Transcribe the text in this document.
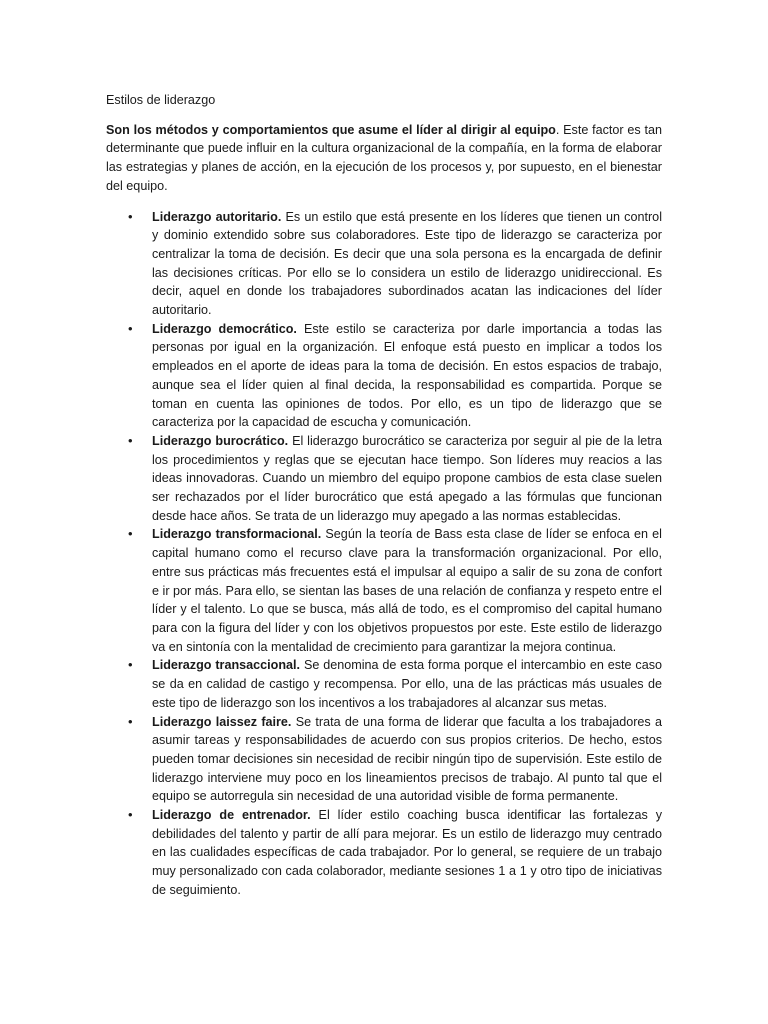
Estilos de liderazgo

Son los métodos y comportamientos que asume el líder al dirigir al equipo. Este factor es tan determinante que puede influir en la cultura organizacional de la compañía, en la forma de elaborar las estrategias y planes de acción, en la ejecución de los procesos y, por supuesto, en el bienestar del equipo.

• Liderazgo autoritario. Es un estilo que está presente en los líderes que tienen un control y dominio extendido sobre sus colaboradores. Este tipo de liderazgo se caracteriza por centralizar la toma de decisión. Es decir que una sola persona es la encargada de definir las decisiones críticas. Por ello se lo considera un estilo de liderazgo unidireccional. Es decir, aquel en donde los trabajadores subordinados acatan las indicaciones del líder autoritario.
• Liderazgo democrático. Este estilo se caracteriza por darle importancia a todas las personas por igual en la organización. El enfoque está puesto en implicar a todos los empleados en el aporte de ideas para la toma de decisión. En estos espacios de trabajo, aunque sea el líder quien al final decida, la responsabilidad es compartida. Porque se toman en cuenta las opiniones de todos. Por ello, es un tipo de liderazgo que se caracteriza por la capacidad de escucha y comunicación.
• Liderazgo burocrático. El liderazgo burocrático se caracteriza por seguir al pie de la letra los procedimientos y reglas que se ejecutan hace tiempo. Son líderes muy reacios a las ideas innovadoras. Cuando un miembro del equipo propone cambios de esta clase suelen ser rechazados por el líder burocrático que está apegado a las fórmulas que funcionan desde hace años. Se trata de un liderazgo muy apegado a las normas establecidas.
• Liderazgo transformacional. Según la teoría de Bass esta clase de líder se enfoca en el capital humano como el recurso clave para la transformación organizacional. Por ello, entre sus prácticas más frecuentes está el impulsar al equipo a salir de su zona de confort e ir por más. Para ello, se sientan las bases de una relación de confianza y respeto entre el líder y el talento. Lo que se busca, más allá de todo, es el compromiso del capital humano para con la figura del líder y con los objetivos propuestos por este. Este estilo de liderazgo va en sintonía con la mentalidad de crecimiento para garantizar la mejora continua.
• Liderazgo transaccional. Se denomina de esta forma porque el intercambio en este caso se da en calidad de castigo y recompensa. Por ello, una de las prácticas más usuales de este tipo de liderazgo son los incentivos a los trabajadores al alcanzar sus metas.
• Liderazgo laissez faire. Se trata de una forma de liderar que faculta a los trabajadores a asumir tareas y responsabilidades de acuerdo con sus propios criterios. De hecho, estos pueden tomar decisiones sin necesidad de recibir ningún tipo de supervisión. Este estilo de liderazgo interviene muy poco en los lineamientos precisos de trabajo. Al punto tal que el equipo se autorregula sin necesidad de una autoridad visible de forma permanente.
• Liderazgo de entrenador. El líder estilo coaching busca identificar las fortalezas y debilidades del talento y partir de allí para mejorar. Es un estilo de liderazgo muy centrado en las cualidades específicas de cada trabajador. Por lo general, se requiere de un trabajo muy personalizado con cada colaborador, mediante sesiones 1 a 1 y otro tipo de iniciativas de seguimiento.
